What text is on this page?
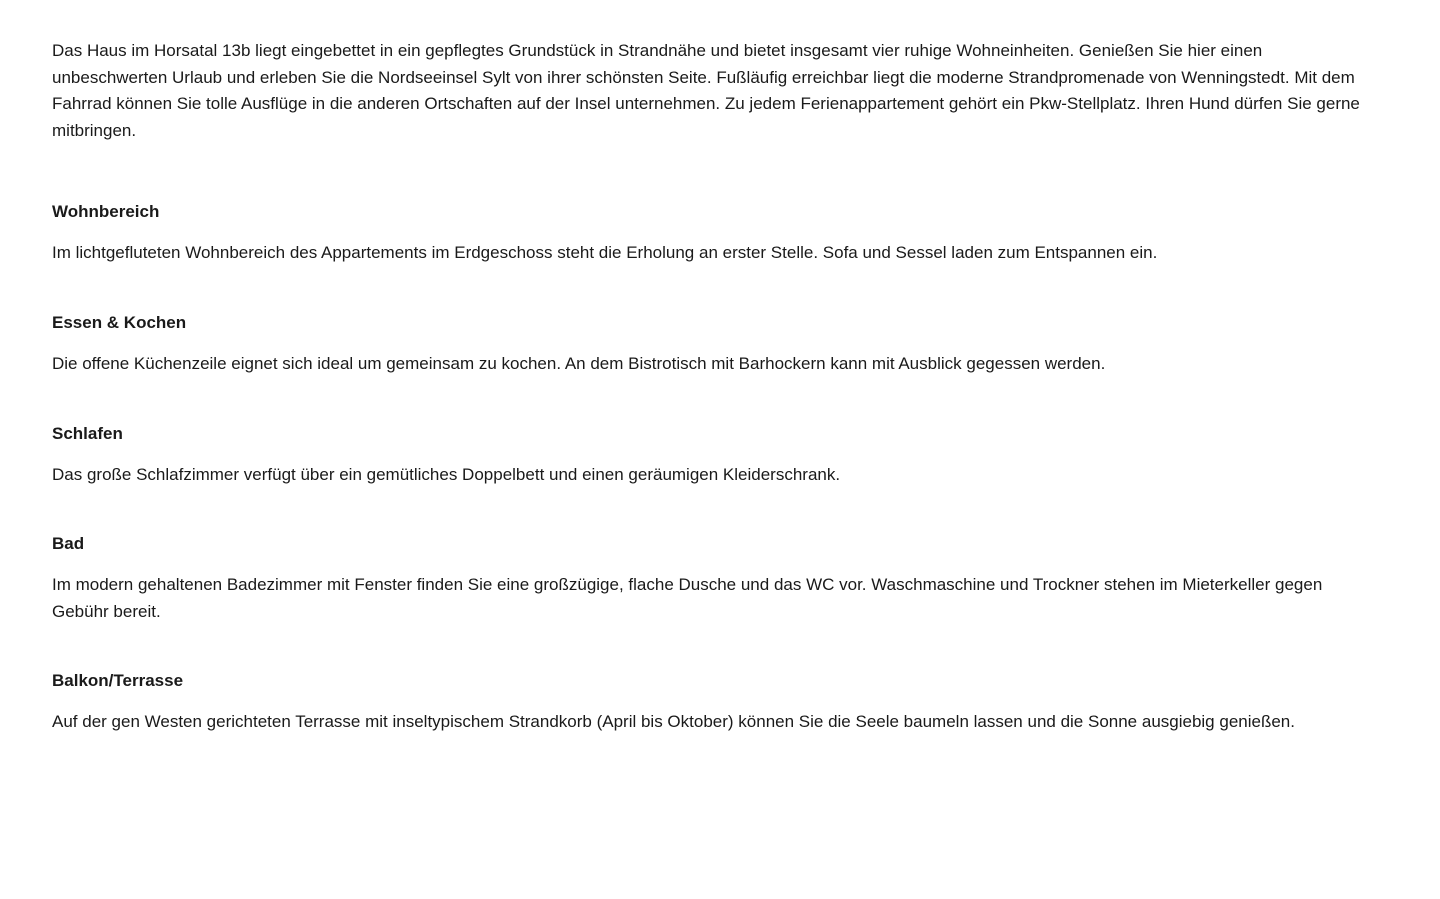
Das Haus im Horsatal 13b liegt eingebettet in ein gepflegtes Grundstück in Strandnähe und bietet insgesamt vier ruhige Wohneinheiten. Genießen Sie hier einen unbeschwerten Urlaub und erleben Sie die Nordseeinsel Sylt von ihrer schönsten Seite. Fußläufig erreichbar liegt die moderne Strandpromenade von Wenningstedt. Mit dem Fahrrad können Sie tolle Ausflüge in die anderen Ortschaften auf der Insel unternehmen. Zu jedem Ferienappartement gehört ein Pkw-Stellplatz. Ihren Hund dürfen Sie gerne mitbringen.

Wohnbereich

Im lichtgefluteten Wohnbereich des Appartements im Erdgeschoss steht die Erholung an erster Stelle. Sofa und Sessel laden zum Entspannen ein.

Essen & Kochen

Die offene Küchenzeile eignet sich ideal um gemeinsam zu kochen. An dem Bistrotisch mit Barhockern kann mit Ausblick gegessen werden.

Schlafen

Das große Schlafzimmer verfügt über ein gemütliches Doppelbett und einen geräumigen Kleiderschrank.

Bad

Im modern gehaltenen Badezimmer mit Fenster finden Sie eine großzügige, flache Dusche und das WC vor. Waschmaschine und Trockner stehen im Mieterkeller gegen Gebühr bereit.

Balkon/Terrasse

Auf der gen Westen gerichteten Terrasse mit inseltypischem Strandkorb (April bis Oktober) können Sie die Seele baumeln lassen und die Sonne ausgiebig genießen.
